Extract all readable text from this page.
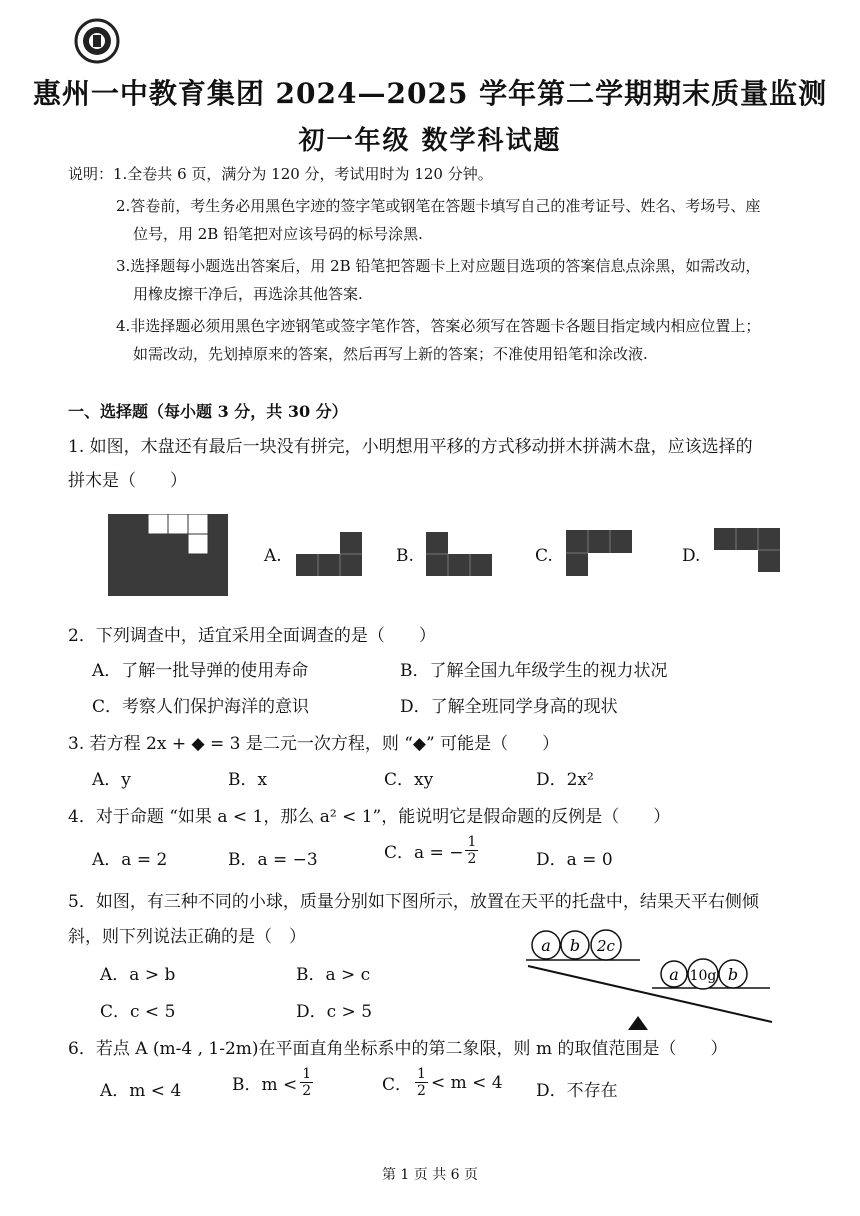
惠州一中教育集团 2024—2025 学年第二学期期末质量监测
初一年级 数学科试题
说明：1.全卷共 6 页，满分为 120 分，考试用时为 120 分钟。
2.答卷前，考生务必用黑色字迹的签字笔或钢笔在答题卡填写自己的准考证号、姓名、考场号、座
位号，用 2B 铅笔把对应该号码的标号涂黑.
3.选择题每小题选出答案后，用 2B 铅笔把答题卡上对应题目选项的答案信息点涂黑，如需改动，
用橡皮擦干净后，再选涂其他答案.
4.非选择题必须用黑色字迹钢笔或签字笔作答，答案必须写在答题卡各题目指定域内相应位置上；
如需改动，先划掉原来的答案，然后再写上新的答案；不准使用铅笔和涂改液.
一、选择题（每小题 3 分，共 30 分）
1. 如图，木盘还有最后一块没有拼完，小明想用平移的方式移动拼木拼满木盘，应该选择的
拼木是（　　）
A.	B.	C.	D.
2．下列调查中，适宜采用全面调查的是（　　）
A．了解一批导弹的使用寿命	B．了解全国九年级学生的视力状况
C．考察人们保护海洋的意识	D．了解全班同学身高的现状
3. 若方程 2x + ◆ = 3 是二元一次方程，则 “◆” 可能是（　　）
A．y	B．x	C．xy	D．2x²
4．对于命题 “如果 a < 1，那么 a² < 1”，能说明它是假命题的反例是（　　）
A．a = 2	B．a = −3	C．a = − $\frac{1}{2}$	D．a = 0
5．如图，有三种不同的小球，质量分别如下图所示，放置在天平的托盘中，结果天平右侧倾
斜，则下列说法正确的是（　）
A．a > b	B．a > c
C．c < 5	D．c > 5
a b 2c
a 10g b
6．若点 A (m-4 , 1-2m)在平面直角坐标系中的第二象限，则 m 的取值范围是（　　）
A．m < 4	B．$m < \frac{1}{2}$	C． $\frac{1}{2} < m < 4$ D．不存在
第 1 页 共 6 页
